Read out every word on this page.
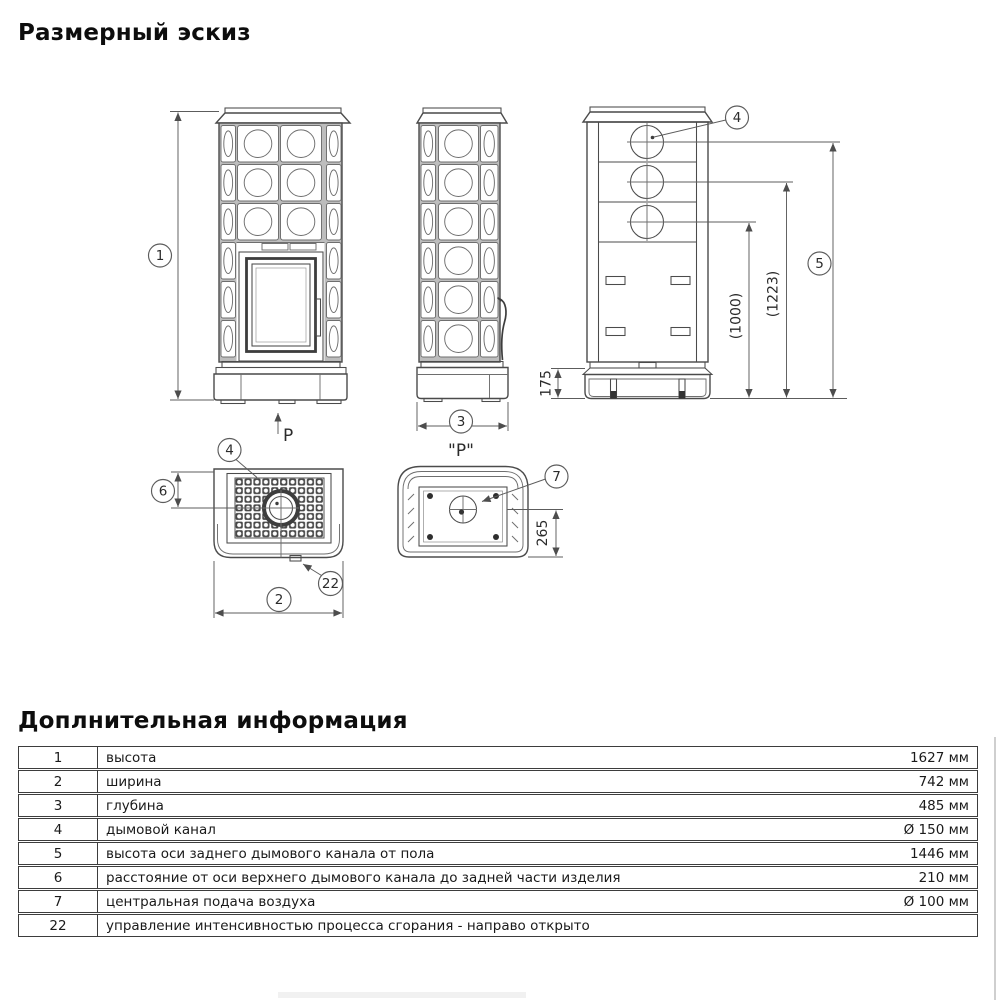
Размерный эскиз
1
P
3
175
5
(1223)
(1000)
4
4
6
22
2
"P"
7
265
Доплнительная информация
1	высота	1627 мм
2	ширина	742 мм
3	глубина	485 мм
4	дымовой канал	Ø 150 мм
5	высота оси заднего дымового канала от пола	1446 мм
6	расстояние от оси верхнего дымового канала до задней части изделия	210 мм
7	центральная подача воздуха	Ø 100 мм
22	управление интенсивностью процесса сгорания - направо открыто
